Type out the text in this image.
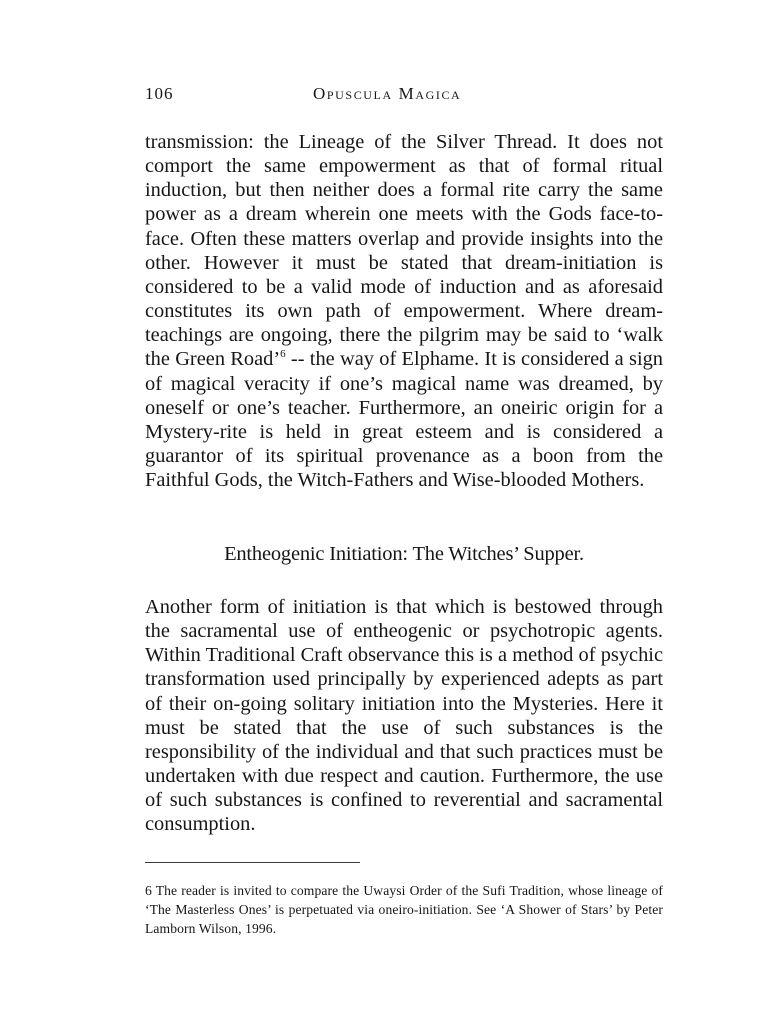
106	Opuscula Magica

transmission: the Lineage of the Silver Thread. It does not comport the same empowerment as that of formal ritual induction, but then neither does a formal rite carry the same power as a dream wherein one meets with the Gods face-to-face. Often these matters overlap and provide insights into the other. However it must be stated that dream-initiation is considered to be a valid mode of induction and as aforesaid constitutes its own path of empowerment. Where dream-teachings are ongoing, there the pilgrim may be said to ‘walk the Green Road’$^6$ -- the way of Elphame. It is considered a sign of magical veracity if one’s magical name was dreamed, by oneself or one’s teacher. Furthermore, an oneiric origin for a Mystery-rite is held in great esteem and is considered a guarantor of its spiritual provenance as a boon from the Faithful Gods, the Witch-Fathers and Wise-blooded Mothers.

Entheogenic Initiation: The Witches’ Supper.

Another form of initiation is that which is bestowed through the sacramental use of entheogenic or psychotropic agents. Within Traditional Craft observance this is a method of psychic transformation used principally by experienced adepts as part of their on-going solitary initiation into the Mysteries. Here it must be stated that the use of such substances is the responsibility of the individual and that such practices must be undertaken with due respect and caution. Furthermore, the use of such substances is confined to reverential and sacramental consumption.

6 The reader is invited to compare the Uwaysi Order of the Sufi Tradition, whose lineage of ‘The Masterless Ones’ is perpetuated via oneiro-initiation. See ‘A Shower of Stars’ by Peter Lamborn Wilson, 1996.
